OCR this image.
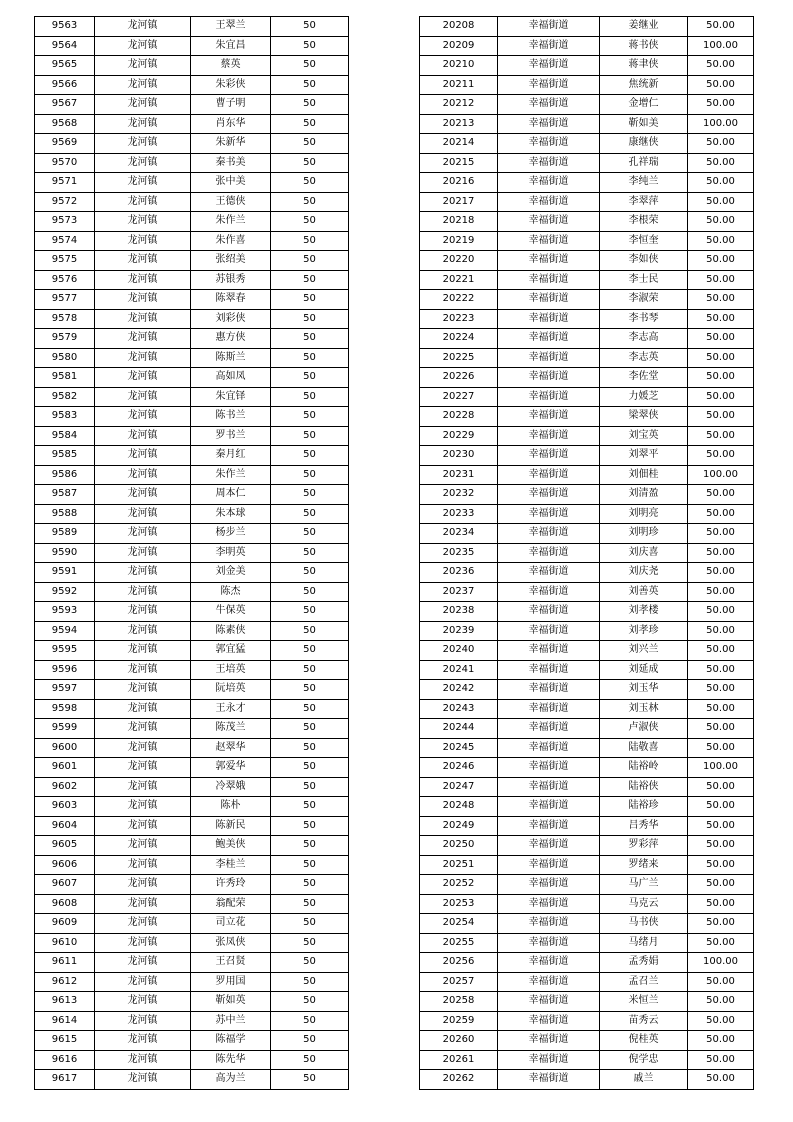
9563	龙河镇	王翠兰	50
9564	龙河镇	朱宜昌	50
9565	龙河镇	蔡英	50
9566	龙河镇	朱彩侠	50
9567	龙河镇	曹子明	50
9568	龙河镇	肖东华	50
9569	龙河镇	朱新华	50
9570	龙河镇	秦书美	50
9571	龙河镇	张中美	50
9572	龙河镇	王德侠	50
9573	龙河镇	朱作兰	50
9574	龙河镇	朱作喜	50
9575	龙河镇	张绍美	50
9576	龙河镇	苏银秀	50
9577	龙河镇	陈翠春	50
9578	龙河镇	刘彩侠	50
9579	龙河镇	惠方侠	50
9580	龙河镇	陈斯兰	50
9581	龙河镇	高如凤	50
9582	龙河镇	朱宜铎	50
9583	龙河镇	陈书兰	50
9584	龙河镇	罗书兰	50
9585	龙河镇	秦月红	50
9586	龙河镇	朱作兰	50
9587	龙河镇	周本仁	50
9588	龙河镇	朱本球	50
9589	龙河镇	杨步兰	50
9590	龙河镇	李明英	50
9591	龙河镇	刘金美	50
9592	龙河镇	陈杰	50
9593	龙河镇	牛保英	50
9594	龙河镇	陈素侠	50
9595	龙河镇	郭宜猛	50
9596	龙河镇	王培英	50
9597	龙河镇	阮培英	50
9598	龙河镇	王永才	50
9599	龙河镇	陈茂兰	50
9600	龙河镇	赵翠华	50
9601	龙河镇	郭爱华	50
9602	龙河镇	冷翠娥	50
9603	龙河镇	陈朴	50
9604	龙河镇	陈新民	50
9605	龙河镇	鲍美侠	50
9606	龙河镇	李桂兰	50
9607	龙河镇	许秀玲	50
9608	龙河镇	翁配荣	50
9609	龙河镇	司立花	50
9610	龙河镇	张凤侠	50
9611	龙河镇	王召贤	50
9612	龙河镇	罗用国	50
9613	龙河镇	靳如英	50
9614	龙河镇	苏中兰	50
9615	龙河镇	陈福学	50
9616	龙河镇	陈先华	50
9617	龙河镇	高为兰	50
20208	幸福街道	姜继业	50.00
20209	幸福街道	蒋书侠	100.00
20210	幸福街道	蒋聿侠	50.00
20211	幸福街道	焦统新	50.00
20212	幸福街道	金增仁	50.00
20213	幸福街道	靳如美	100.00
20214	幸福街道	康继侠	50.00
20215	幸福街道	孔祥瑞	50.00
20216	幸福街道	李纯兰	50.00
20217	幸福街道	李翠萍	50.00
20218	幸福街道	李根荣	50.00
20219	幸福街道	李恒奎	50.00
20220	幸福街道	李如侠	50.00
20221	幸福街道	李士民	50.00
20222	幸福街道	李淑荣	50.00
20223	幸福街道	李书琴	50.00
20224	幸福街道	李志高	50.00
20225	幸福街道	李志英	50.00
20226	幸福街道	李佐堂	50.00
20227	幸福街道	力媛芝	50.00
20228	幸福街道	梁翠侠	50.00
20229	幸福街道	刘宝英	50.00
20230	幸福街道	刘翠平	50.00
20231	幸福街道	刘佃桂	100.00
20232	幸福街道	刘清盈	50.00
20233	幸福街道	刘明亮	50.00
20234	幸福街道	刘明珍	50.00
20235	幸福街道	刘庆喜	50.00
20236	幸福街道	刘庆尧	50.00
20237	幸福街道	刘善英	50.00
20238	幸福街道	刘孝楼	50.00
20239	幸福街道	刘孝珍	50.00
20240	幸福街道	刘兴兰	50.00
20241	幸福街道	刘延成	50.00
20242	幸福街道	刘玉华	50.00
20243	幸福街道	刘玉林	50.00
20244	幸福街道	卢淑侠	50.00
20245	幸福街道	陆敬喜	50.00
20246	幸福街道	陆裕岭	100.00
20247	幸福街道	陆裕侠	50.00
20248	幸福街道	陆裕珍	50.00
20249	幸福街道	吕秀华	50.00
20250	幸福街道	罗彩萍	50.00
20251	幸福街道	罗绪来	50.00
20252	幸福街道	马广兰	50.00
20253	幸福街道	马克云	50.00
20254	幸福街道	马书侠	50.00
20255	幸福街道	马绪月	50.00
20256	幸福街道	孟秀娟	100.00
20257	幸福街道	孟召兰	50.00
20258	幸福街道	米恒兰	50.00
20259	幸福街道	苗秀云	50.00
20260	幸福街道	倪桂英	50.00
20261	幸福街道	倪学忠	50.00
20262	幸福街道	戚兰	50.00
